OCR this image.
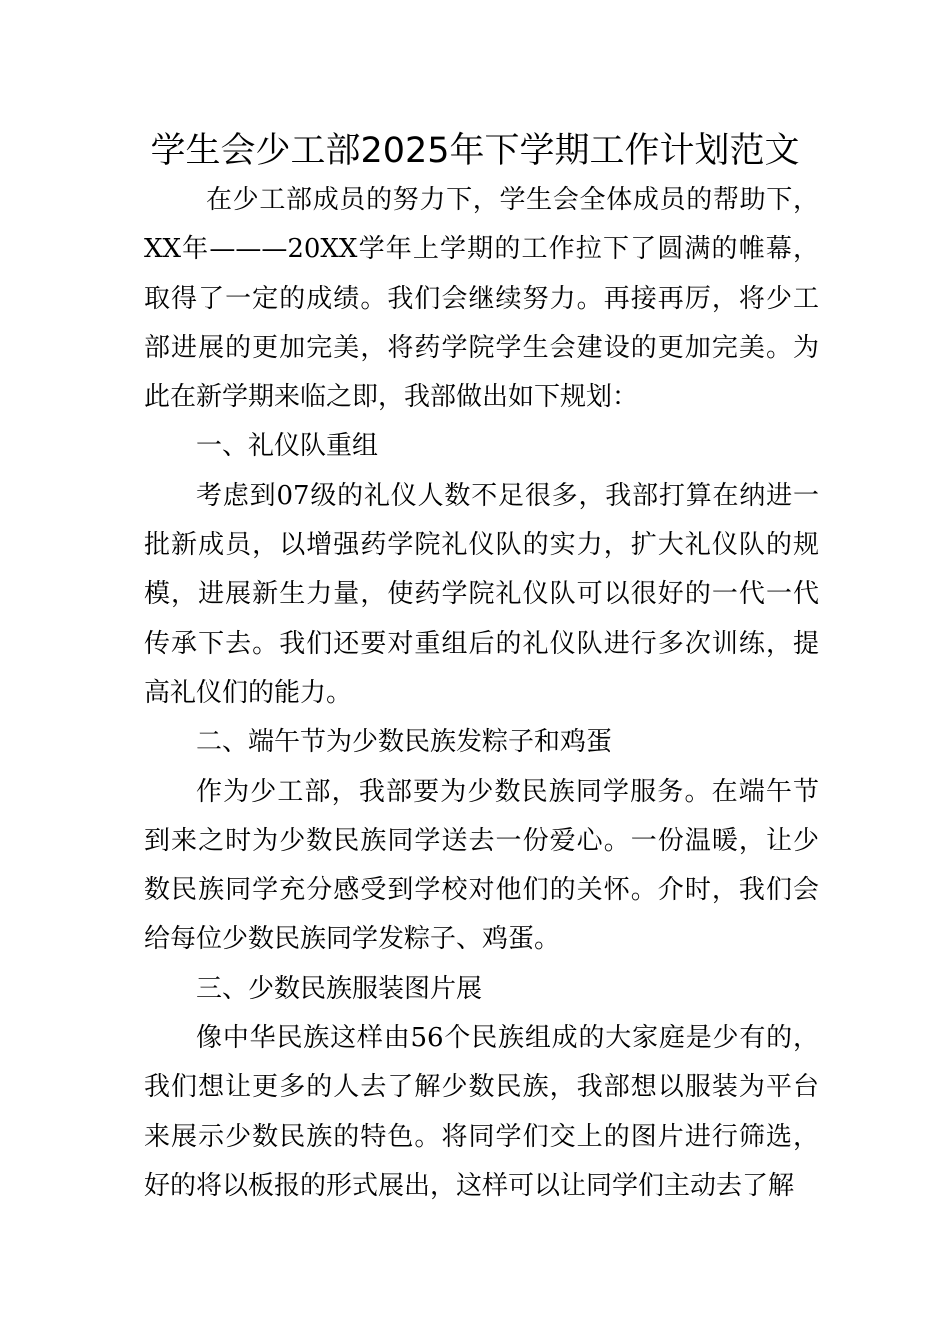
学生会少工部2025年下学期工作计划范文

在少工部成员的努力下，学生会全体成员的帮助下，XX年———20XX学年上学期的工作拉下了圆满的帷幕，取得了一定的成绩。我们会继续努力。再接再厉，将少工部进展的更加完美，将药学院学生会建设的更加完美。为此在新学期来临之即，我部做出如下规划：

一、礼仪队重组

考虑到07级的礼仪人数不足很多，我部打算在纳进一批新成员，以增强药学院礼仪队的实力，扩大礼仪队的规模，进展新生力量，使药学院礼仪队可以很好的一代一代传承下去。我们还要对重组后的礼仪队进行多次训练，提高礼仪们的能力。

二、端午节为少数民族发粽子和鸡蛋

作为少工部，我部要为少数民族同学服务。在端午节到来之时为少数民族同学送去一份爱心。一份温暖，让少数民族同学充分感受到学校对他们的关怀。介时，我们会给每位少数民族同学发粽子、鸡蛋。

三、少数民族服装图片展

像中华民族这样由56个民族组成的大家庭是少有的，我们想让更多的人去了解少数民族，我部想以服装为平台来展示少数民族的特色。将同学们交上的图片进行筛选，好的将以板报的形式展出，这样可以让同学们主动去了解
